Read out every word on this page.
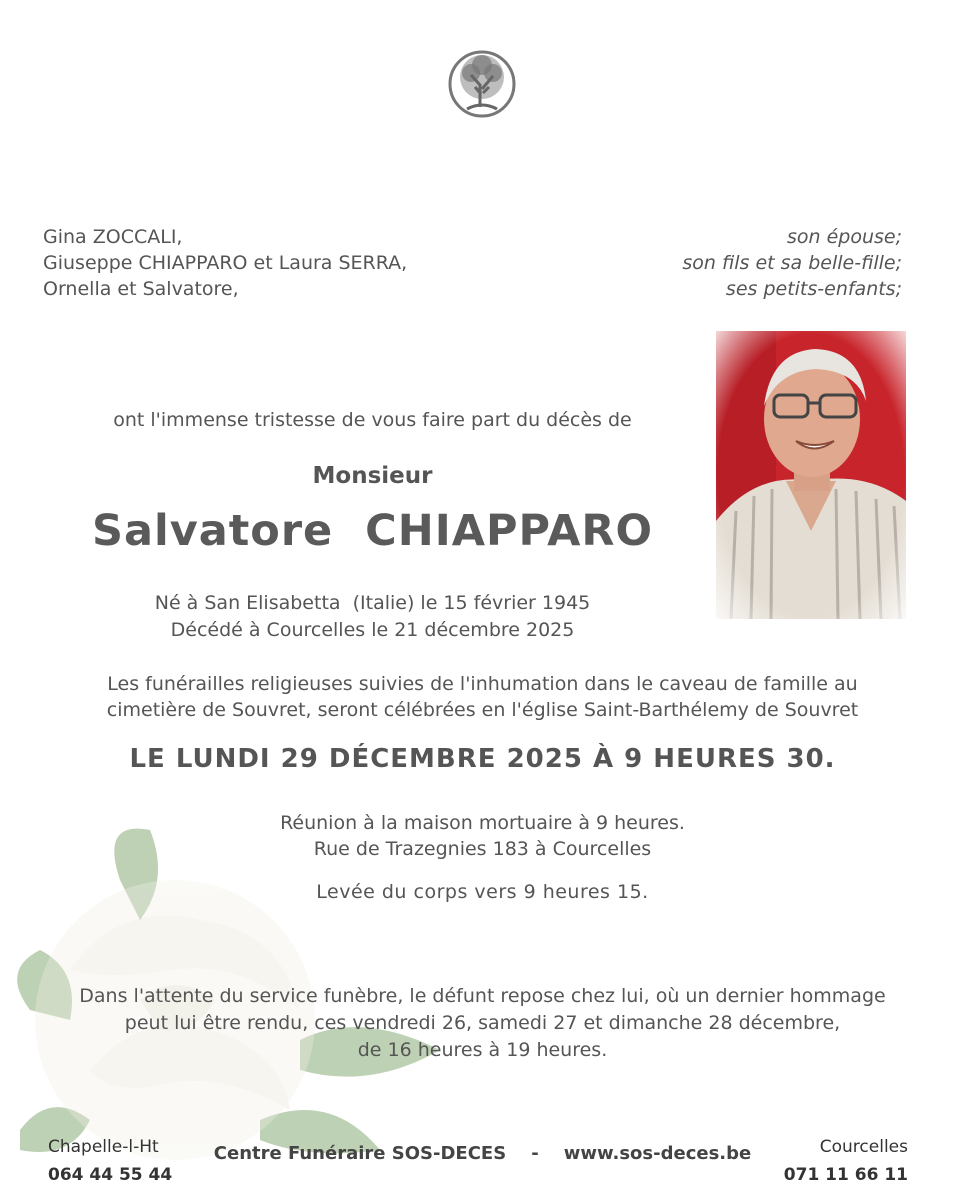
Gina ZOCCALI,
Giuseppe CHIAPPARO et Laura SERRA,
Ornella et Salvatore,
son épouse;
son fils et sa belle-fille;
ses petits-enfants;
ont l'immense tristesse de vous faire part du décès de
Monsieur
Salvatore  CHIAPPARO
Né à San Elisabetta  (Italie) le 15 février 1945
Décédé à Courcelles le 21 décembre 2025
Les funérailles religieuses suivies de l'inhumation dans le caveau de famille au
cimetière de Souvret, seront célébrées en l'église Saint-Barthélemy de Souvret
LE LUNDI 29 DÉCEMBRE 2025 À 9 HEURES 30.
Réunion à la maison mortuaire à 9 heures.
Rue de Trazegnies 183 à Courcelles
Levée du corps vers 9 heures 15.
Dans l'attente du service funèbre, le défunt repose chez lui, où un dernier hommage
peut lui être rendu, ces vendredi 26, samedi 27 et dimanche 28 décembre,
de 16 heures à 19 heures.
Chapelle-l-Ht
064 44 55 44
Centre Funéraire SOS-DECES    -    www.sos-deces.be	Courcelles
071 11 66 11
